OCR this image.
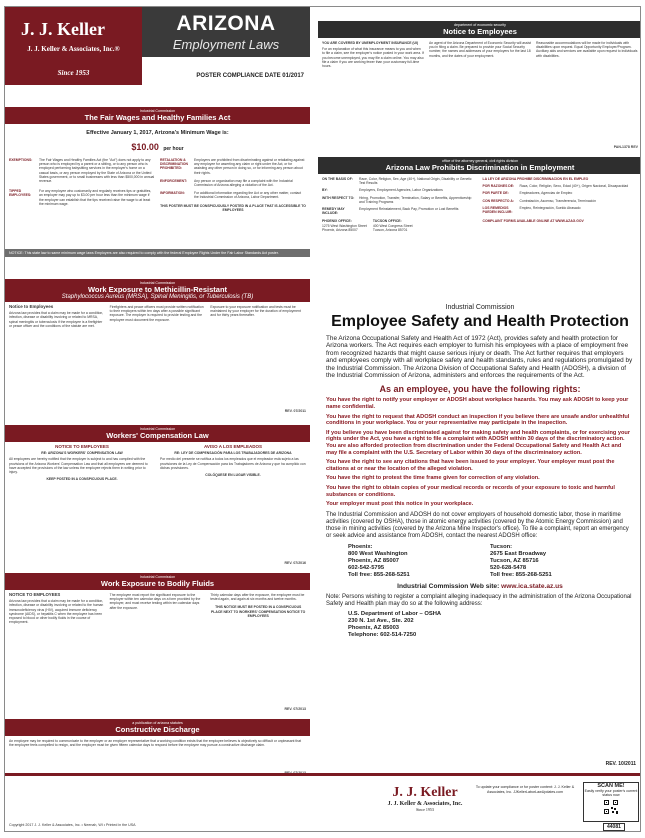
J. J. Keller
J. J. Keller & Associates, Inc.®
Since 1953
ARIZONA
Employment Laws
POSTER COMPLIANCE DATE 01/2017
Industrial Commission
The Fair Wages and Healthy Families Act
Effective January 1, 2017, Arizona's Minimum Wage is:
$10.00 per hour
EXEMPTIONS:	The Fair Wages and Healthy Families Act (the "Act") does not apply to any person who is employed by a parent or a sibling, or to any person who is employed performing babysitting services in the employer's home on a casual basis, or any person employed by the State of Arizona or the United States government, or to small businesses with less than $500,000 in annual revenue.
TIPPED EMPLOYEES:
For any employee who customarily and regularly receives tips or gratuities, an employer may pay up to $3.00 per hour less than the minimum wage if the employer can establish that the tips received raise the wage to at least the minimum wage.
RETALIATION & DISCRIMINATION PROHIBITED:
Employers are prohibited from discriminating against or retaliating against any employee for asserting any claim or right under the Act, or for assisting any other person in doing so, or for informing any person about their rights.
ENFORCEMENT:	Any person or organization may file a complaint with the Industrial Commission of Arizona alleging a violation of the Act.
INFORMATION:	For additional information regarding the Act or any other matter, contact the Industrial Commission of Arizona, Labor Department.
THIS POSTER MUST BE CONSPICUOUSLY POSTED IN A PLACE THAT IS ACCESSIBLE TO EMPLOYEES
NOTICE: This state law to same minimum wage laws Employers are also required to comply with the federal Employee Rights Under the Fair Labor Standards Act poster.
department of economic security
Notice to Employees
YOU ARE COVERED BY UNEMPLOYMENT INSURANCE (UI)
For an explanation of what this insurance means to you and when to file a claim, see the employer's notice posted in your work area. If you become unemployed, you may file a claim online. You may also file a claim if you are working fewer than your customary full-time hours.
An agent of the Arizona Department of Economic Security will assist you in filing a claim. Be prepared to provide your Social Security number, the names and addresses of your employers for the last 18 months, and the dates of your employment.
Reasonable accommodations will be made for individuals with disabilities upon request. Equal Opportunity Employer/Program. Auxiliary aids and services are available upon request to individuals with disabilities.
PAN-1378 REV
office of the attorney general, civil rights division
Arizona Law Prohibits Discrimination in Employment
ON THE BASIS OF:	Race, Color, Religion, Sex, Age (40+), National Origin, Disability or Genetic Test Results
BY:	Employers, Employment Agencies, Labor Organizations
WITH RESPECT TO:	Hiring, Promotion, Transfer, Termination, Salary or Benefits, Apprenticeship and Training Programs
REMEDY MAY INCLUDE:
Employment Reinstatement, Back Pay, Promotion or Lost Benefits
PHOENIX OFFICE:
1275 West Washington Street
Phoenix, Arizona 85007
TUCSON OFFICE:
400 West Congress Street
Tucson, Arizona 85701
LA LEY DE ARIZONA PROHIBE DISCRIMINACION EN EL EMPLEO
POR RAZONES DE:	Raza, Color, Religión, Sexo, Edad (40+), Origen Nacional, Discapacidad
POR PARTE DE:	Empleadores, Agencias de Empleo
CON RESPECTO A:	Contratación, Ascenso, Transferencia, Terminación
LOS REMEDIOS PUEDEN INCLUIR:
Empleo, Reintegración, Sueldo Atrasado
COMPLAINT FORMS AVAILABLE ONLINE AT WWW.AZAG.GOV
Industrial Commission
Work Exposure to Methicillin-Resistant
Staphylococcus Aureus (MRSA), Spinal Meningitis, or Tuberculosis (TB)
Notice to Employees
Arizona law provides that a claim may be made for a condition, infection, disease or disability involving or related to MRSA, spinal meningitis or tuberculosis if the employee is a firefighter or peace officer and the conditions of the statute are met.
Firefighters and peace officers must provide written notification to their employers within ten days after a possible significant exposure. The employer is required to provide testing and the employee must document the exposure.
Exposure to your exposure notification and tests must be maintained by your employer for the duration of employment and for thirty years thereafter.
REV. 07/2011
Industrial Commission
Workers' Compensation Law
NOTICE TO EMPLOYEES
RE: ARIZONA'S WORKERS' COMPENSATION LAW
All employees are hereby notified that the employer is subject to and has complied with the provisions of the Arizona Workers' Compensation Law and that all employees are deemed to have accepted the provisions of the law unless the employee rejects them in writing prior to injury.
KEEP POSTED IN A CONSPICUOUS PLACE.
AVISO A LOS EMPLEADOS
RE: LEY DE COMPENSACIÓN PARA LOS TRABAJADORES DE ARIZONA
Por medio del presente se notifica a todos los empleados que el empleador está sujeto a las provisiones de la Ley de Compensación para los Trabajadores de Arizona y que ha cumplido con dichas provisiones.
COLÓQUESE EN LUGAR VISIBLE.
REV. 07/2016
Industrial Commission
Work Exposure to Bodily Fluids
NOTICE TO EMPLOYEES
Arizona law provides that a claim may be made for a condition, infection, disease or disability involving or related to the human immunodeficiency virus (HIV), acquired immune deficiency syndrome (AIDS), or hepatitis C when the employee has been exposed to blood or other bodily fluids in the course of employment.
The employee must report the significant exposure to the employer within ten calendar days on a form provided by the employer, and must receive testing within ten calendar days after the exposure.
Thirty calendar days after the exposure, the employee must be tested again, and again at six months and twelve months.
THIS NOTICE MUST BE POSTED IN A CONSPICUOUS PLACE NEXT TO WORKERS' COMPENSATION NOTICE TO EMPLOYEES
REV. 07/2013
a publication of arizona statutes
Constructive Discharge
An employee may be required to communicate to the employer or an employer representative that a working condition exists that the employee believes is objectively so difficult or unpleasant that the employee feels compelled to resign, and the employer must be given fifteen calendar days to respond before the employee may pursue a constructive discharge claim.
Industrial Commission
Employee Safety and Health Protection
The Arizona Occupational Safety and Health Act of 1972 (Act), provides safety and health protection for Arizona workers. The Act requires each employer to furnish his employees with a place of employment free from recognized hazards that might cause serious injury or death. The Act further requires that employers and employees comply with all workplace safety and health standards, rules and regulations promulgated by the Industrial Commission. The Arizona Division of Occupational Safety and Health (ADOSH), a division of the Industrial Commission of Arizona, administers and enforces the requirements of the Act.
As an employee, you have the following rights:
You have the right to notify your employer or ADOSH about workplace hazards. You may ask ADOSH to keep your name confidential.
You have the right to request that ADOSH conduct an inspection if you believe there are unsafe and/or unhealthful conditions in your workplace. You or your representative may participate in the inspection.
If you believe you have been discriminated against for making safety and health complaints, or for exercising your rights under the Act, you have a right to file a complaint with ADOSH within 30 days of the discriminatory action. You are also afforded protection from discrimination under the Federal Occupational Safety and Health Act and may file a complaint with the U.S. Secretary of Labor within 30 days of the discriminatory action.
You have the right to see any citations that have been issued to your employer. Your employer must post the citations at or near the location of the alleged violation.
You have the right to protest the time frame given for correction of any violation.
You have the right to obtain copies of your medical records or records of your exposure to toxic and harmful substances or conditions.
Your employer must post this notice in your workplace.
The Industrial Commission and ADOSH do not cover employers of household domestic labor, those in maritime activities (covered by OSHA), those in atomic energy activities (covered by the Atomic Energy Commission) and those in mining activities (covered by the Arizona Mine Inspector's office). To file a complaint, report an emergency or seek advice and assistance from ADOSH, contact the nearest ADOSH office:
Phoenix:
800 West Washington
Phoenix, AZ 85007
602-542-5795
Toll free: 855-268-5251
Tucson:
2675 East Broadway
Tucson, AZ 85716
520-628-5478
Toll free: 855-268-5251
Industrial Commission Web site: www.ica.state.az.us
Note: Persons wishing to register a complaint alleging inadequacy in the administration of the Arizona Occupational Safety and Health plan may do so at the following address:
U.S. Department of Labor – OSHA
230 N. 1st Ave., Ste. 202
Phoenix, AZ 85003
Telephone: 602-514-7250
REV. 10/2011
J. J. Keller
J. J. Keller & Associates, Inc.
Since 1953
To update your compliance or for poster content: J. J. Keller & Associates, Inc. JJKellerLaborLawUpdates.com
SCAN ME!
Easily verify your poster's current status now
44081
Copyright 2017 J. J. Keller & Associates, Inc. • Neenah, WI • Printed in the USA
